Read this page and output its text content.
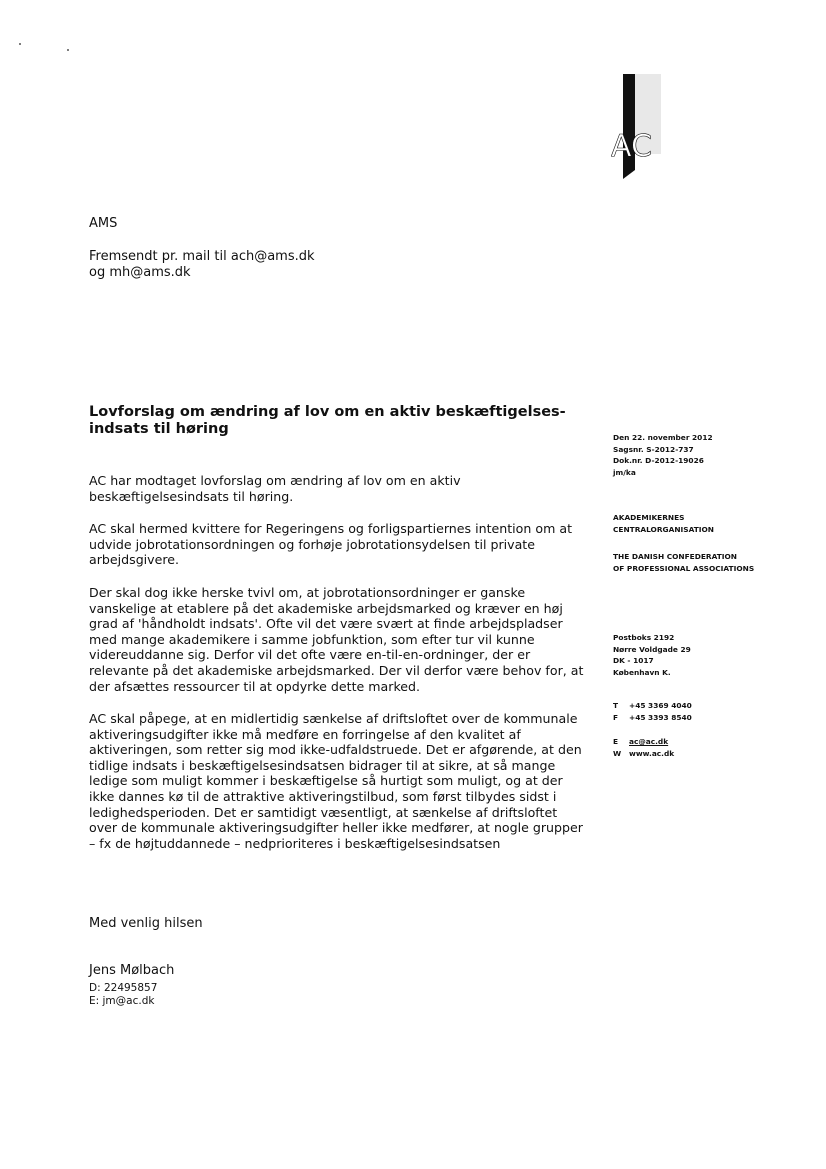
AC
AMS
Fremsendt pr. mail til ach@ams.dk
og mh@ams.dk
Lovforslag om ændring af lov om en aktiv beskæftigelsesindsats til høring
AC har modtaget lovforslag om ændring af lov om en aktiv beskæftigelsesindsats til høring.
AC skal hermed kvittere for Regeringens og forligspartiernes intention om at udvide jobrotationsordningen og forhøje jobrotationsydelsen til private arbejdsgivere.
Der skal dog ikke herske tvivl om, at jobrotationsordninger er ganske vanskelige at etablere på det akademiske arbejdsmarked og kræver en høj grad af 'håndholdt indsats'. Ofte vil det være svært at finde arbejdspladser med mange akademikere i samme jobfunktion, som efter tur vil kunne videreuddanne sig. Derfor vil det ofte være en-til-en-ordninger, der er relevante på det akademiske arbejdsmarked. Der vil derfor være behov for, at der afsættes ressourcer til at opdyrke dette marked.
AC skal påpege, at en midlertidig sænkelse af driftsloftet over de kommunale aktiveringsudgifter ikke må medføre en forringelse af den kvalitet af aktiveringen, som retter sig mod ikke-udfaldstruede. Det er afgørende, at den tidlige indsats i beskæftigelsesindsatsen bidrager til at sikre, at så mange ledige som muligt kommer i beskæftigelse så hurtigt som muligt, og at der ikke dannes kø til de attraktive aktiveringstilbud, som først tilbydes sidst i ledighedsperioden. Det er samtidigt væsentligt, at sænkelse af driftsloftet over de kommunale aktiveringsudgifter heller ikke medfører, at nogle grupper – fx de højtuddannede – nedprioriteres i beskæftigelsesindsatsen
Med venlig hilsen
Jens Mølbach
D: 22495857
E: jm@ac.dk
Den 22. november 2012
Sagsnr. S-2012-737
Dok.nr. D-2012-19026
jm/ka
AKADEMIKERNES
CENTRALORGANISATION
THE DANISH CONFEDERATION
OF PROFESSIONAL ASSOCIATIONS
Postboks 2192
Nørre Voldgade 29
DK - 1017
København K.
T +45 3369 4040
F +45 3393 8540
E ac@ac.dk
W www.ac.dk
